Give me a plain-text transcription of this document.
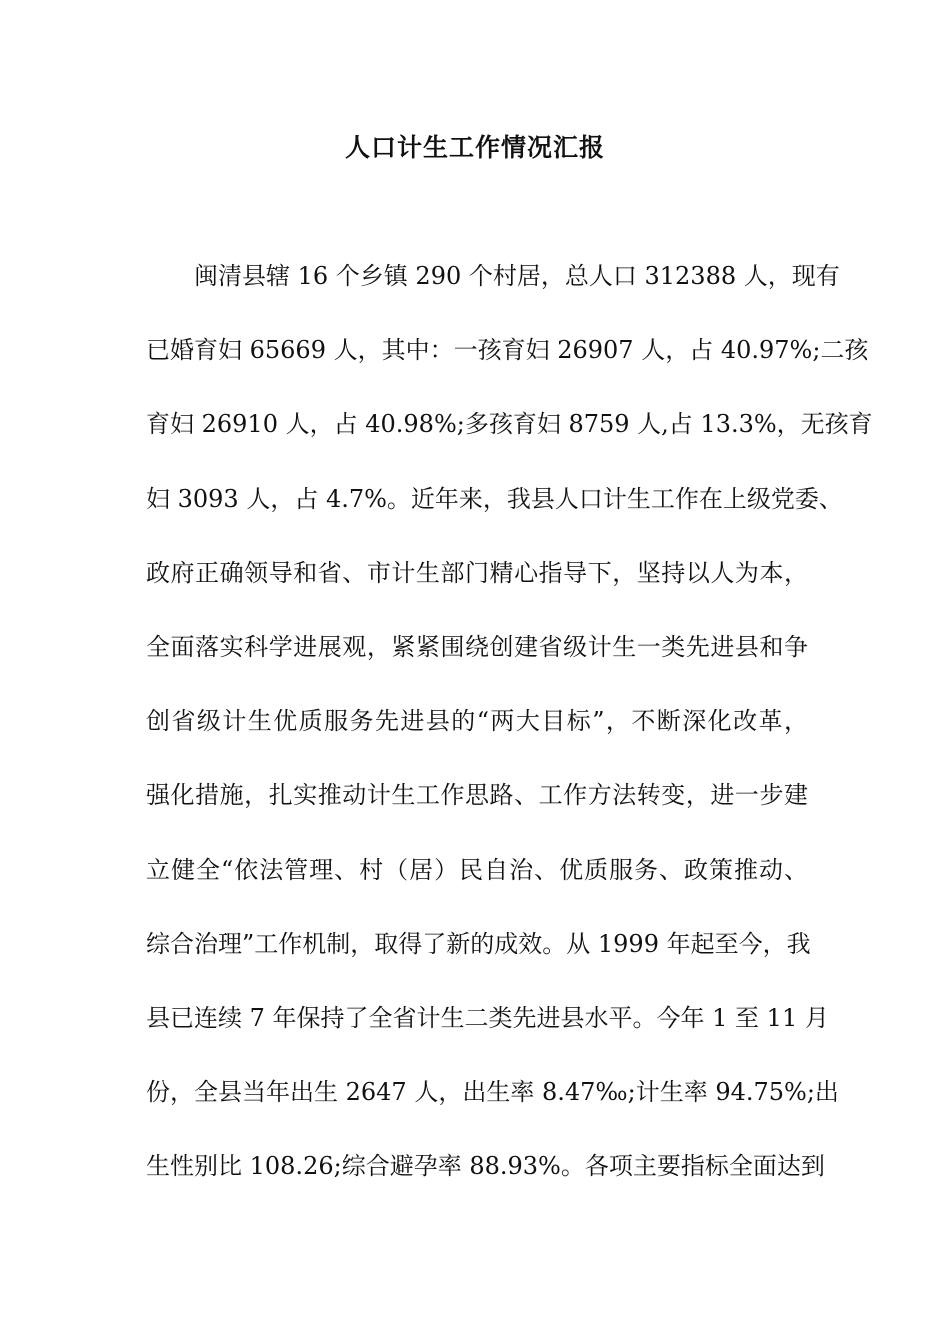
人口计生工作情况汇报
闽清县辖 16 个乡镇 290 个村居，总人口 312388 人，现有
已婚育妇 65669 人，其中：一孩育妇 26907 人，占 40.97%;二孩
育妇 26910 人，占 40.98%;多孩育妇 8759 人,占 13.3%，无孩育
妇 3093 人，占 4.7%。近年来，我县人口计生工作在上级党委、
政府正确领导和省、市计生部门精心指导下，坚持以人为本，
全面落实科学进展观，紧紧围绕创建省级计生一类先进县和争
创省级计生优质服务先进县的“两大目标”，不断深化改革，
强化措施，扎实推动计生工作思路、工作方法转变，进一步建
立健全“依法管理、村（居）民自治、优质服务、政策推动、
综合治理”工作机制，取得了新的成效。从 1999 年起至今，我
县已连续 7 年保持了全省计生二类先进县水平。今年 1 至 11 月
份，全县当年出生 2647 人，出生率 8.47‰;计生率 94.75%;出
生性别比 108.26;综合避孕率 88.93%。各项主要指标全面达到
